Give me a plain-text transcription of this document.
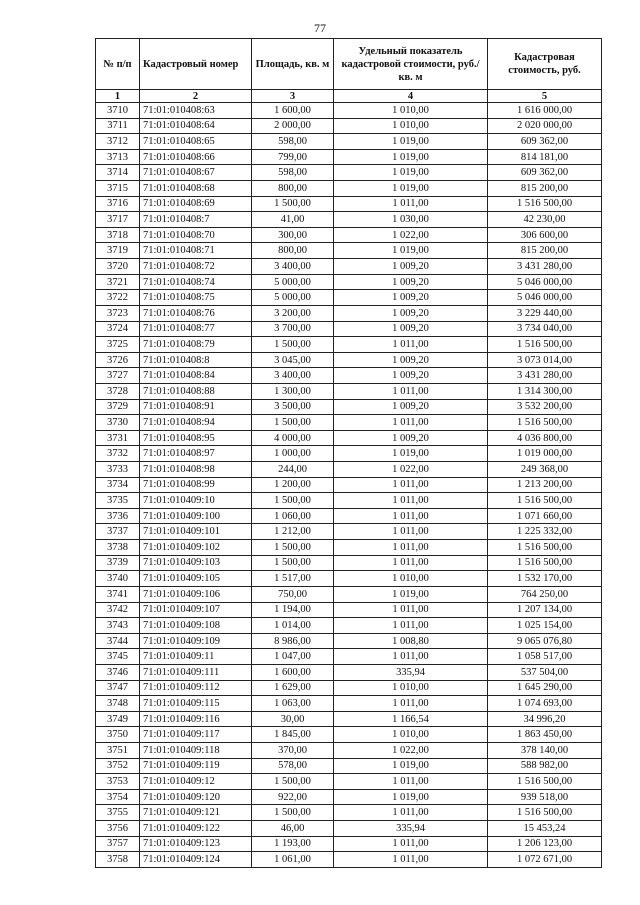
77
№ п/п	Кадастровый номер	Площадь, кв. м	Удельный показатель кадастровой стоимости, руб./кв. м	Кадастровая стоимость, руб.
1	2	3	4	5
3710	71:01:010408:63	1 600,00	1 010,00	1 616 000,00
3711	71:01:010408:64	2 000,00	1 010,00	2 020 000,00
3712	71:01:010408:65	598,00	1 019,00	609 362,00
3713	71:01:010408:66	799,00	1 019,00	814 181,00
3714	71:01:010408:67	598,00	1 019,00	609 362,00
3715	71:01:010408:68	800,00	1 019,00	815 200,00
3716	71:01:010408:69	1 500,00	1 011,00	1 516 500,00
3717	71:01:010408:7	41,00	1 030,00	42 230,00
3718	71:01:010408:70	300,00	1 022,00	306 600,00
3719	71:01:010408:71	800,00	1 019,00	815 200,00
3720	71:01:010408:72	3 400,00	1 009,20	3 431 280,00
3721	71:01:010408:74	5 000,00	1 009,20	5 046 000,00
3722	71:01:010408:75	5 000,00	1 009,20	5 046 000,00
3723	71:01:010408:76	3 200,00	1 009,20	3 229 440,00
3724	71:01:010408:77	3 700,00	1 009,20	3 734 040,00
3725	71:01:010408:79	1 500,00	1 011,00	1 516 500,00
3726	71:01:010408:8	3 045,00	1 009,20	3 073 014,00
3727	71:01:010408:84	3 400,00	1 009,20	3 431 280,00
3728	71:01:010408:88	1 300,00	1 011,00	1 314 300,00
3729	71:01:010408:91	3 500,00	1 009,20	3 532 200,00
3730	71:01:010408:94	1 500,00	1 011,00	1 516 500,00
3731	71:01:010408:95	4 000,00	1 009,20	4 036 800,00
3732	71:01:010408:97	1 000,00	1 019,00	1 019 000,00
3733	71:01:010408:98	244,00	1 022,00	249 368,00
3734	71:01:010408:99	1 200,00	1 011,00	1 213 200,00
3735	71:01:010409:10	1 500,00	1 011,00	1 516 500,00
3736	71:01:010409:100	1 060,00	1 011,00	1 071 660,00
3737	71:01:010409:101	1 212,00	1 011,00	1 225 332,00
3738	71:01:010409:102	1 500,00	1 011,00	1 516 500,00
3739	71:01:010409:103	1 500,00	1 011,00	1 516 500,00
3740	71:01:010409:105	1 517,00	1 010,00	1 532 170,00
3741	71:01:010409:106	750,00	1 019,00	764 250,00
3742	71:01:010409:107	1 194,00	1 011,00	1 207 134,00
3743	71:01:010409:108	1 014,00	1 011,00	1 025 154,00
3744	71:01:010409:109	8 986,00	1 008,80	9 065 076,80
3745	71:01:010409:11	1 047,00	1 011,00	1 058 517,00
3746	71:01:010409:111	1 600,00	335,94	537 504,00
3747	71:01:010409:112	1 629,00	1 010,00	1 645 290,00
3748	71:01:010409:115	1 063,00	1 011,00	1 074 693,00
3749	71:01:010409:116	30,00	1 166,54	34 996,20
3750	71:01:010409:117	1 845,00	1 010,00	1 863 450,00
3751	71:01:010409:118	370,00	1 022,00	378 140,00
3752	71:01:010409:119	578,00	1 019,00	588 982,00
3753	71:01:010409:12	1 500,00	1 011,00	1 516 500,00
3754	71:01:010409:120	922,00	1 019,00	939 518,00
3755	71:01:010409:121	1 500,00	1 011,00	1 516 500,00
3756	71:01:010409:122	46,00	335,94	15 453,24
3757	71:01:010409:123	1 193,00	1 011,00	1 206 123,00
3758	71:01:010409:124	1 061,00	1 011,00	1 072 671,00
